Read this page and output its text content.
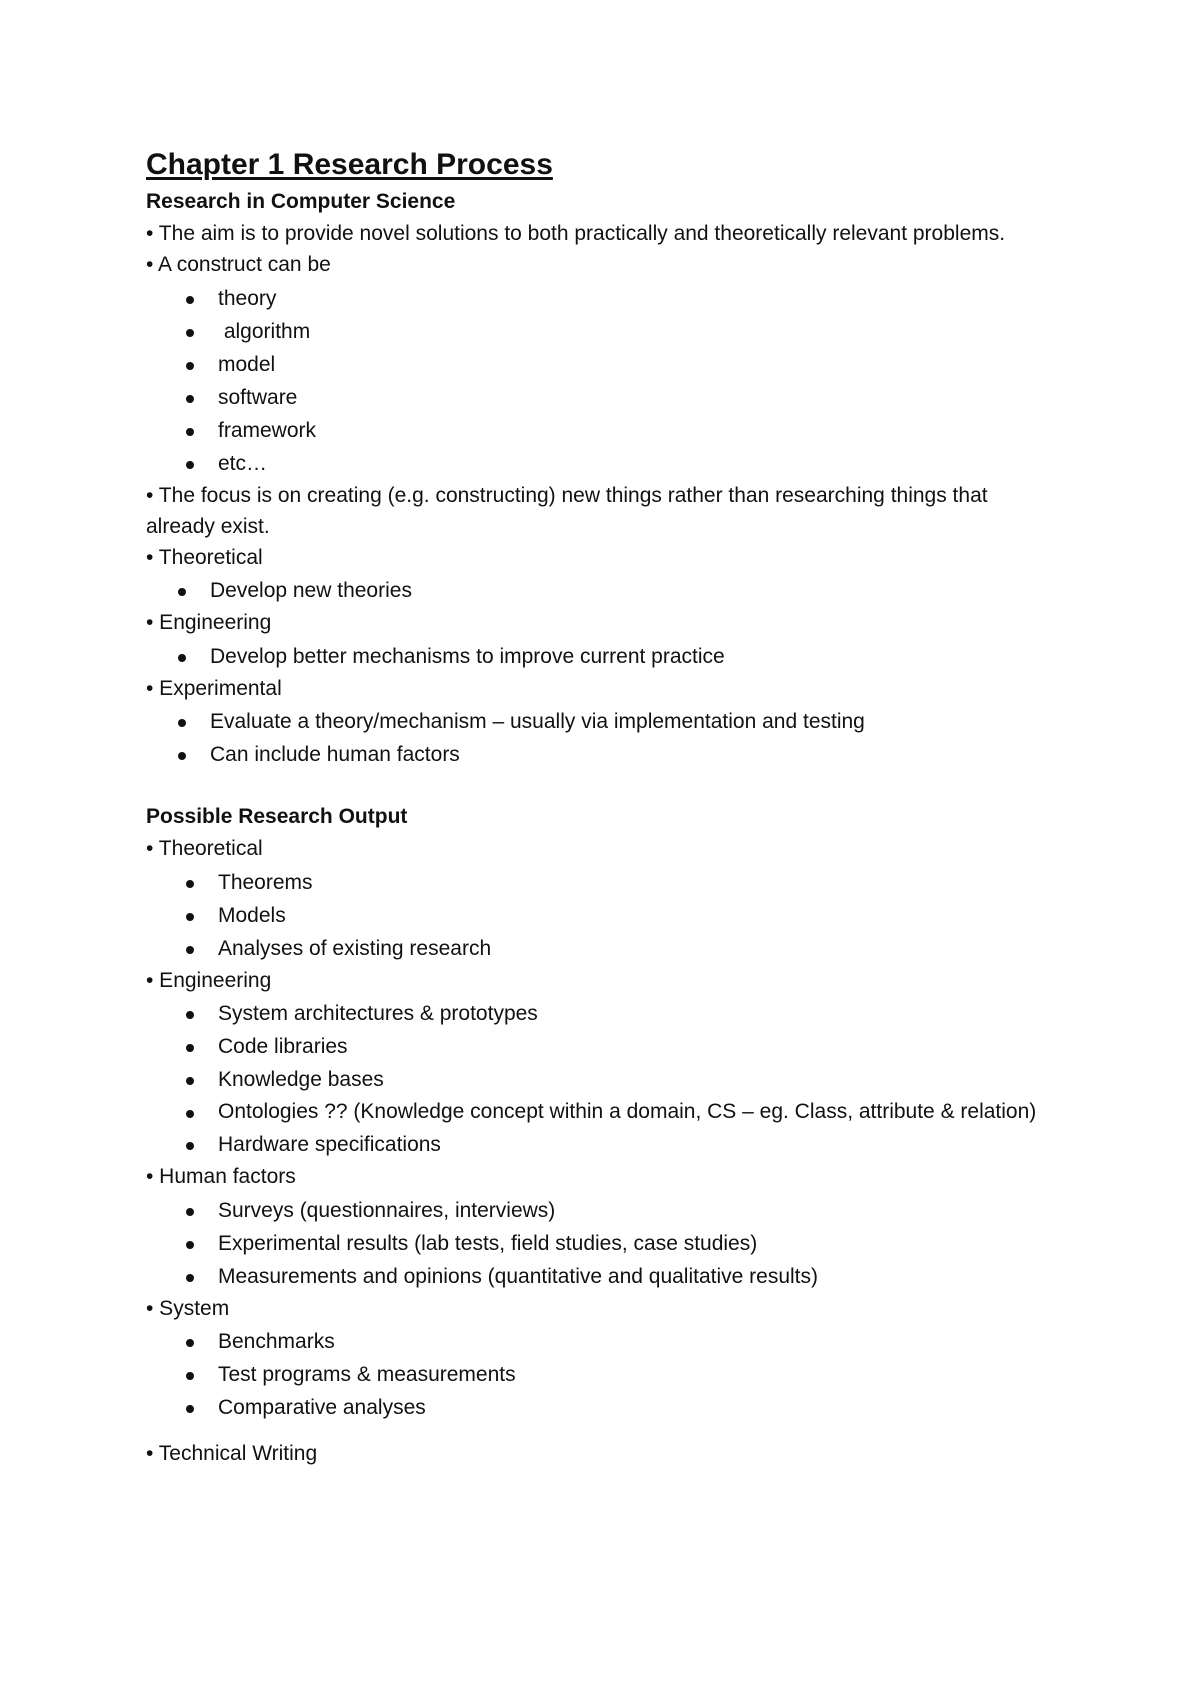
Chapter 1 Research Process

Research in Computer Science

• The aim is to provide novel solutions to both practically and theoretically relevant problems.

• A construct can be

theory
algorithm
model
software
framework
etc…

• The focus is on creating (e.g. constructing) new things rather than researching things that already exist.

• Theoretical

Develop new theories

• Engineering

Develop better mechanisms to improve current practice

• Experimental

Evaluate a theory/mechanism – usually via implementation and testing
Can include human factors

Possible Research Output

• Theoretical

Theorems
Models
Analyses of existing research

• Engineering

System architectures & prototypes
Code libraries
Knowledge bases
Ontologies ?? (Knowledge concept within a domain, CS – eg. Class, attribute & relation)
Hardware specifications

• Human factors

Surveys (questionnaires, interviews)
Experimental results (lab tests, field studies, case studies)
Measurements and opinions (quantitative and qualitative results)

• System

Benchmarks
Test programs & measurements
Comparative analyses

• Technical Writing
